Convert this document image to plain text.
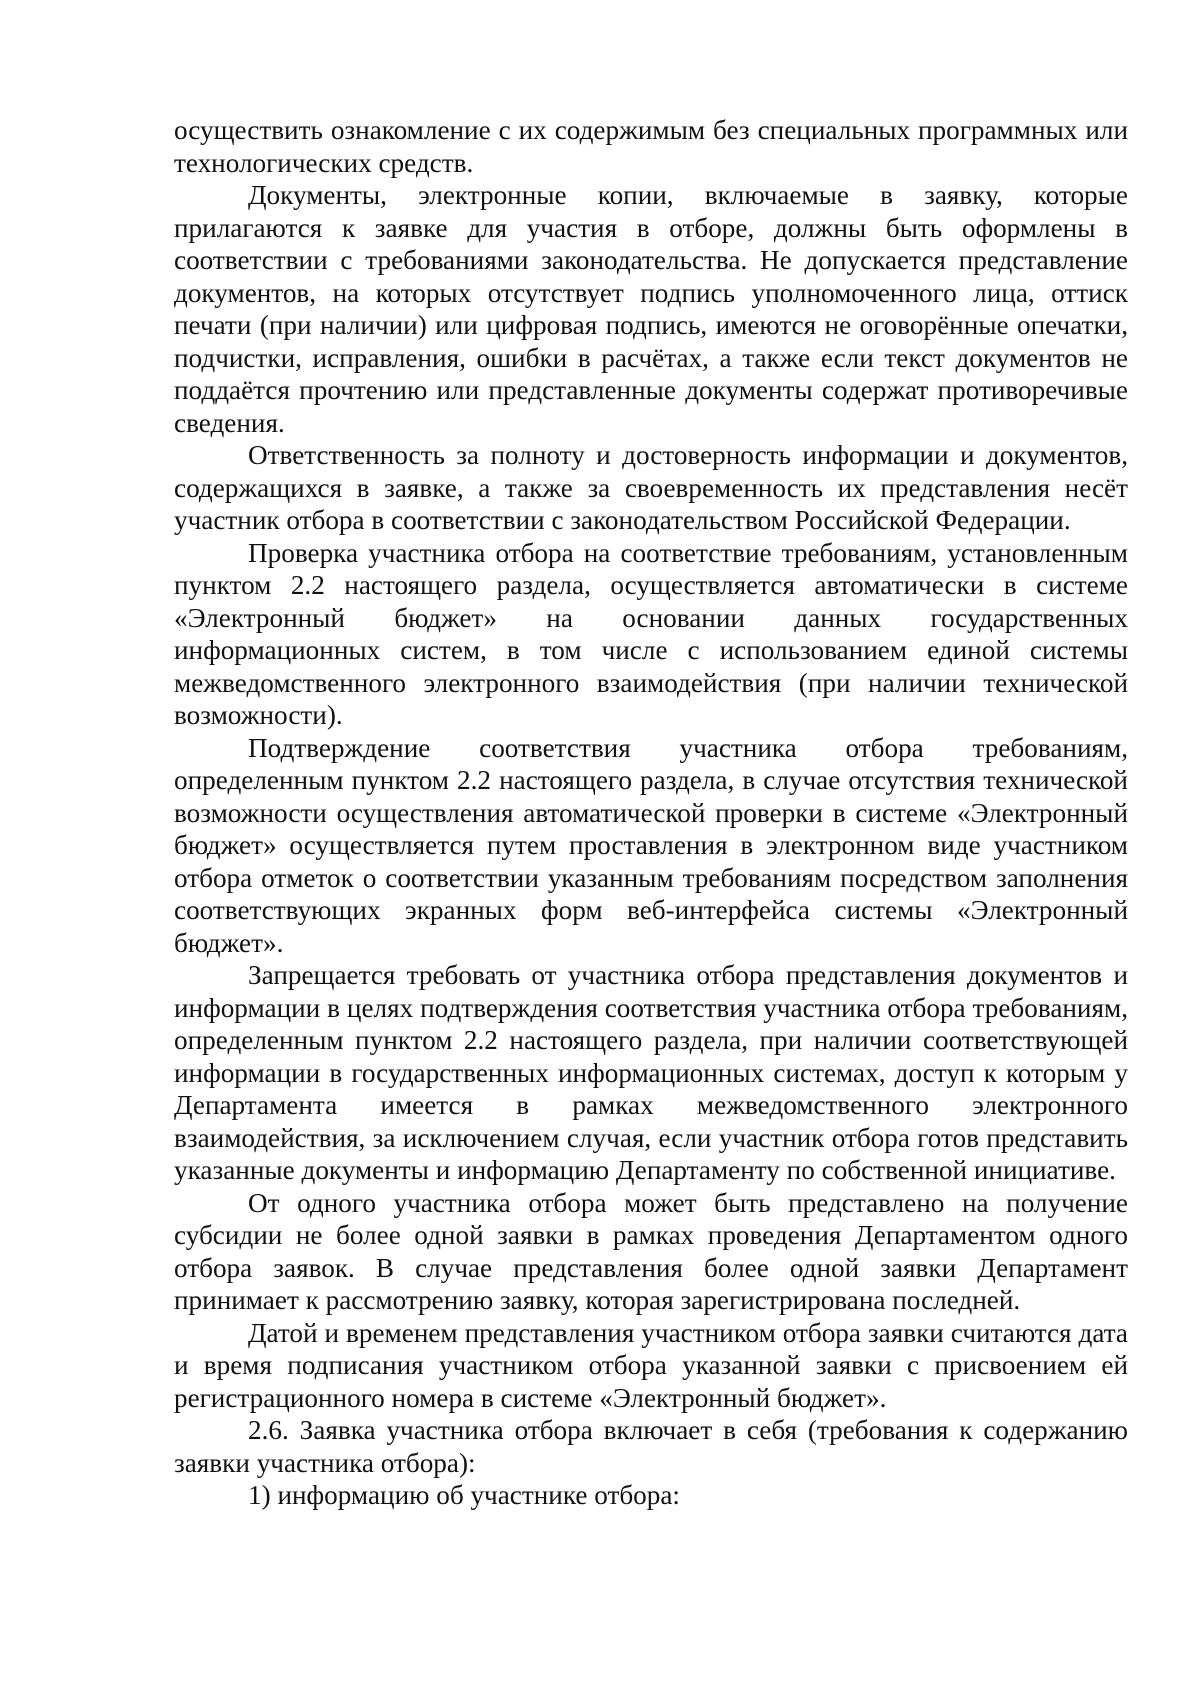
осуществить ознакомление с их содержимым без специальных программных или технологических средств.

Документы, электронные копии, включаемые в заявку, которые прилагаются к заявке для участия в отборе, должны быть оформлены в соответствии с требованиями законодательства. Не допускается представление документов, на которых отсутствует подпись уполномоченного лица, оттиск печати (при наличии) или цифровая подпись, имеются не оговорённые опечатки, подчистки, исправления, ошибки в расчётах, а также если текст документов не поддаётся прочтению или представленные документы содержат противоречивые сведения.

Ответственность за полноту и достоверность информации и документов, содержащихся в заявке, а также за своевременность их представления несёт участник отбора в соответствии с законодательством Российской Федерации.

Проверка участника отбора на соответствие требованиям, установленным пунктом 2.2 настоящего раздела, осуществляется автоматически в системе «Электронный бюджет» на основании данных государственных информационных систем, в том числе с использованием единой системы межведомственного электронного взаимодействия (при наличии технической возможности).

Подтверждение соответствия участника отбора требованиям, определенным пунктом 2.2 настоящего раздела, в случае отсутствия технической возможности осуществления автоматической проверки в системе «Электронный бюджет» осуществляется путем проставления в электронном виде участником отбора отметок о соответствии указанным требованиям посредством заполнения соответствующих экранных форм веб-интерфейса системы «Электронный бюджет».

Запрещается требовать от участника отбора представления документов и информации в целях подтверждения соответствия участника отбора требованиям, определенным пунктом 2.2 настоящего раздела, при наличии соответствующей информации в государственных информационных системах, доступ к которым у Департамента имеется в рамках межведомственного электронного взаимодействия, за исключением случая, если участник отбора готов представить указанные документы и информацию Департаменту по собственной инициативе.

От одного участника отбора может быть представлено на получение субсидии не более одной заявки в рамках проведения Департаментом одного отбора заявок. В случае представления более одной заявки Департамент принимает к рассмотрению заявку, которая зарегистрирована последней.

Датой и временем представления участником отбора заявки считаются дата и время подписания участником отбора указанной заявки с присвоением ей регистрационного номера в системе «Электронный бюджет».

2.6. Заявка участника отбора включает в себя (требования к содержанию заявки участника отбора):

1) информацию об участнике отбора:
